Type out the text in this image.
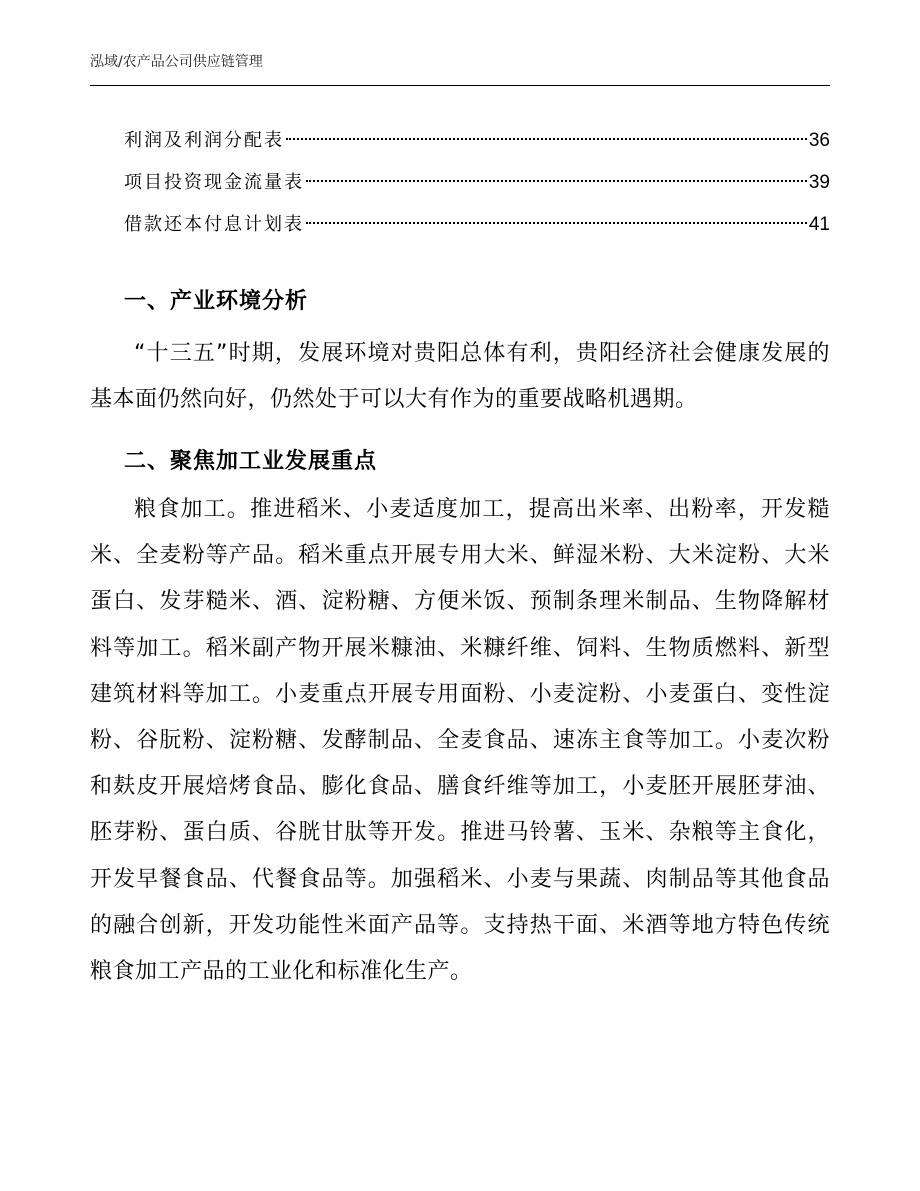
泓域/农产品公司供应链管理
利润及利润分配表	36
项目投资现金流量表	39
借款还本付息计划表	41
一、产业环境分析

“十三五”时期，发展环境对贵阳总体有利，贵阳经济社会健康发展的基本面仍然向好，仍然处于可以大有作为的重要战略机遇期。

二、聚焦加工业发展重点

粮食加工。推进稻米、小麦适度加工，提高出米率、出粉率，开发糙米、全麦粉等产品。稻米重点开展专用大米、鲜湿米粉、大米淀粉、大米蛋白、发芽糙米、酒、淀粉糖、方便米饭、预制条理米制品、生物降解材料等加工。稻米副产物开展米糠油、米糠纤维、饲料、生物质燃料、新型建筑材料等加工。小麦重点开展专用面粉、小麦淀粉、小麦蛋白、变性淀粉、谷朊粉、淀粉糖、发酵制品、全麦食品、速冻主食等加工。小麦次粉和麸皮开展焙烤食品、膨化食品、膳食纤维等加工，小麦胚开展胚芽油、胚芽粉、蛋白质、谷胱甘肽等开发。推进马铃薯、玉米、杂粮等主食化，开发早餐食品、代餐食品等。加强稻米、小麦与果蔬、肉制品等其他食品的融合创新，开发功能性米面产品等。支持热干面、米酒等地方特色传统粮食加工产品的工业化和标准化生产。
